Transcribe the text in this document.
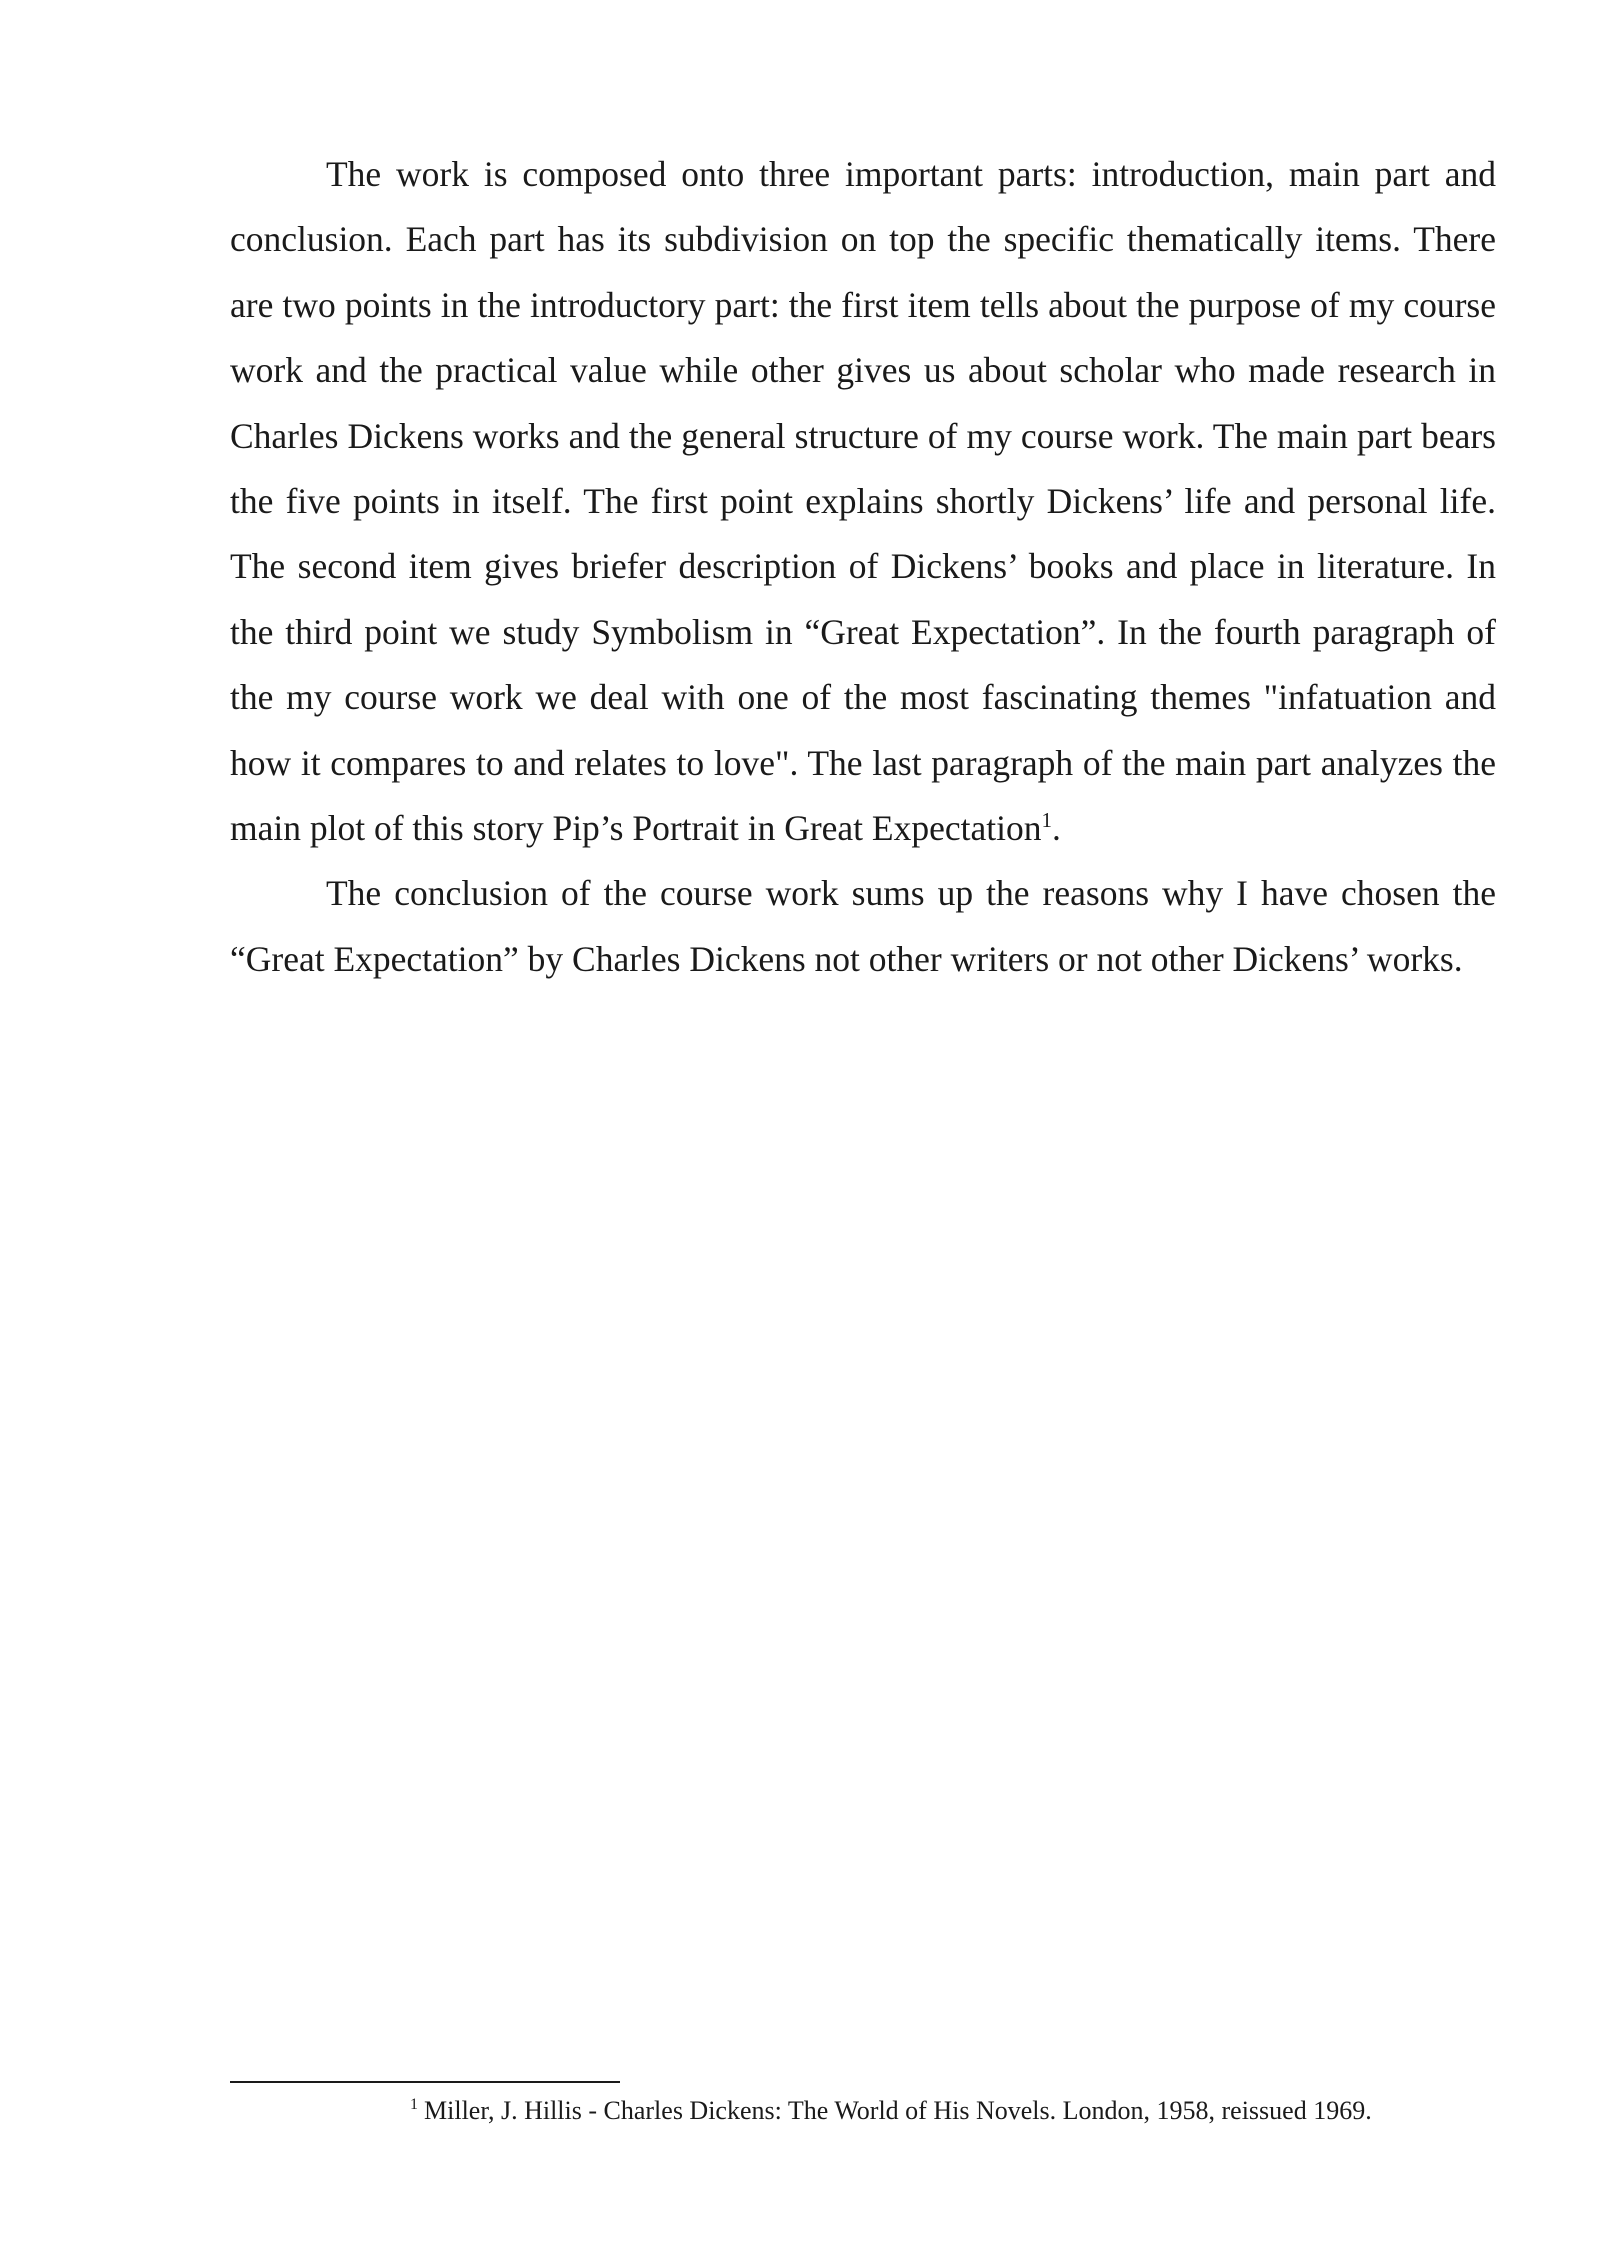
The work is composed onto three important parts: introduction, main part and conclusion. Each part has its subdivision on top the specific thematically items. There are two points in the introductory part: the first item tells about the purpose of my course work and the practical value while other gives us about scholar who made research in Charles Dickens works and the general structure of my course work. The main part bears the five points in itself. The first point explains shortly Dickens’ life and personal life. The second item gives briefer description of Dickens’ books and place in literature. In the third point we study Symbolism in “Great Expectation”. In the fourth paragraph of the my course work we deal with one of the most fascinating themes "infatuation and how it compares to and relates to love". The last paragraph of the main part analyzes the main plot of this story Pip’s Portrait in Great Expectation$^1$.

The conclusion of the course work sums up the reasons why I have chosen the “Great Expectation” by Charles Dickens not other writers or not other Dickens’ works.

$^1$ Miller, J. Hillis - Charles Dickens: The World of His Novels. London, 1958, reissued 1969.
